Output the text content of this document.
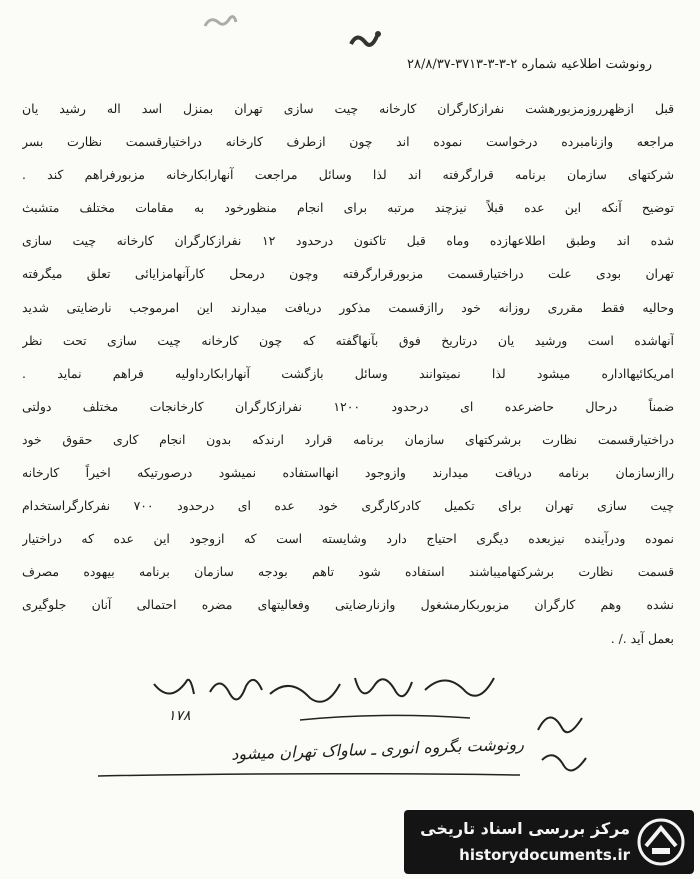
رونوشت اطلاعیه شماره ۲-۳-۳-۳۷۱۳-۲۸/۸/۳۷
قبل ازظهرروزمزبورهشت نفرازکارگران کارخانه چیت سازی تهران بمنزل اسد اله رشید یان
مراجعه وازنامبرده درخواست نموده اند چون ازطرف کارخانه دراختیارقسمت نظارت بسر
شرکتهای سازمان برنامه قرارگرفته اند لذا وسائل مراجعت آنهارابکارخانه مزبورفراهم کند .
توضیح آنکه این عده قبلاً نیزچند مرتبه برای انجام منظورخود به مقامات مختلف متشبث
شده اند وطبق اطلاعهازده وماه قبل تاکنون درحدود ۱۲ نفرازکارگران کارخانه چیت سازی
تهران بودی علت دراختیارقسمت مزبورقرارگرفته وچون درمحل کارآنهامزایائی تعلق میگرفته
وحالیه فقط مقرری روزانه خود راازقسمت مذکور دریافت میدارند این امرموجب نارضایتی شدید
آنهاشده است ورشید یان درتاریخ فوق بآنهاگفته که چون کارخانه چیت سازی تحت نظر
امریکائیهااداره میشود لذا نمیتوانند وسائل بازگشت آنهارابکارداولیه فراهم نماید .
ضمناً درحال حاضرعده ای درحدود ۱۲۰۰ نفرازکارگران کارخانجات مختلف دولتی
دراختیارقسمت نظارت برشرکتهای سازمان برنامه قرارد ارندکه بدون انجام کاری حقوق خود
راازسازمان برنامه دریافت میدارند وازوجود انهااستفاده نمیشود درصورتیکه اخیراً کارخانه
چیت سازی تهران برای تکمیل کادرکارگری خود عده ای درحدود ۷۰۰ نفرکارگراستخدام
نموده ودرآینده نیزبعده دیگری احتیاج دارد وشایسته است که ازوجود این عده که دراختیار
قسمت نظارت برشرکتهامیباشند استفاده شود تاهم بودجه سازمان برنامه بیهوده مصرف
نشده وهم کارگران مزبوربکارمشغول وازنارضایتی وفعالیتهای مضره احتمالی آنان جلوگیری
بعمل آید ./ .
۱۷۸
رونوشت بگروه انوری ـ ساواک تهران میشود
مرکز بررسی اسناد تاریخی
historydocuments.ir
